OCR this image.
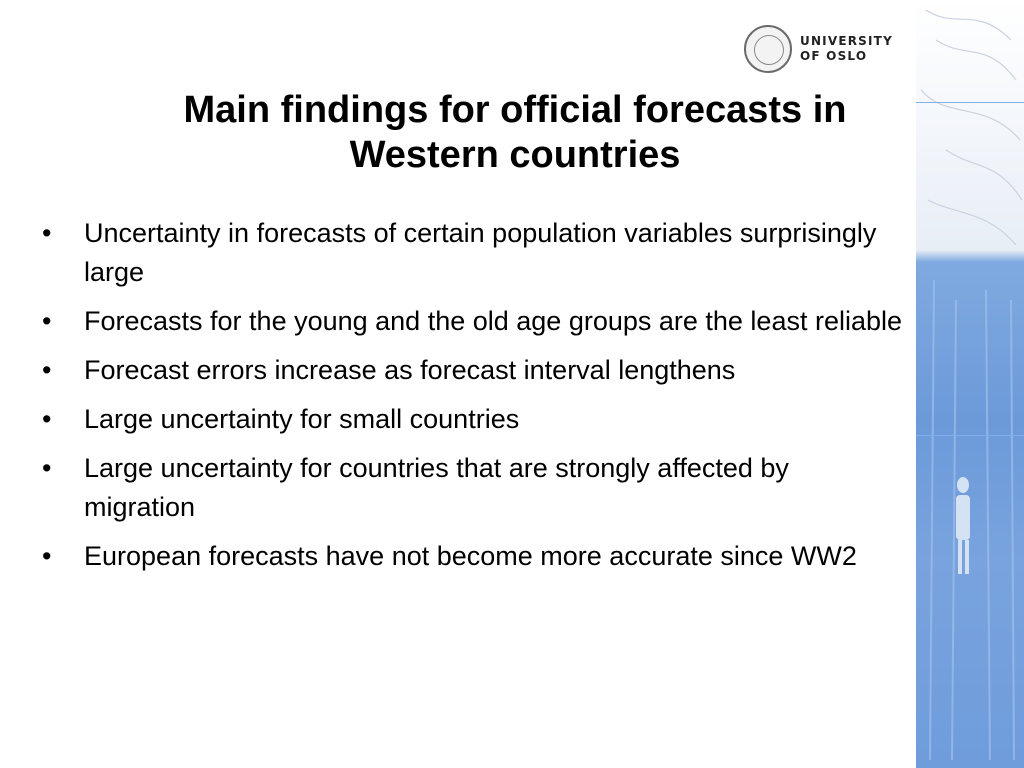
UNIVERSITY
OF OSLO
Main findings for official forecasts in
Western countries
• Uncertainty in forecasts of certain population variables surprisingly large
• Forecasts for the young and the old age groups are the least reliable
• Forecast errors increase as forecast interval lengthens
• Large uncertainty for small countries
• Large uncertainty for countries that are strongly affected by migration
• European forecasts have not become more accurate since WW2
